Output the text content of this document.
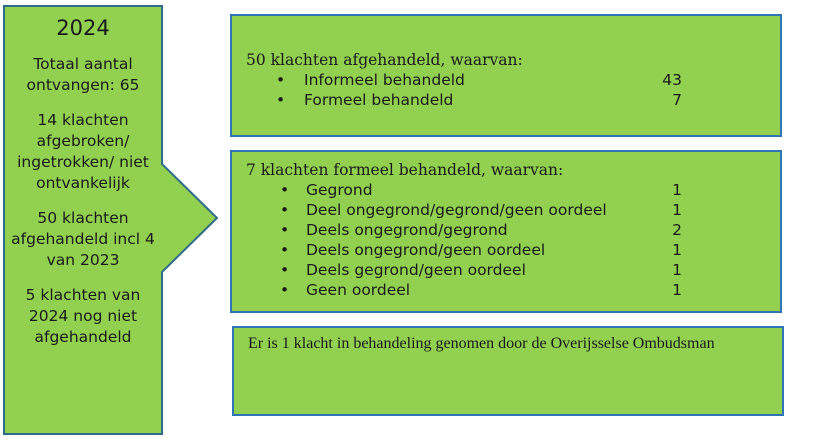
2024
Totaal aantal ontvangen: 65
14 klachten afgebroken/ ingetrokken/ niet ontvankelijk
50 klachten afgehandeld incl 4 van 2023
5 klachten van 2024 nog niet afgehandeld
50 klachten afgehandeld, waarvan:
• Informeel behandeld	43
• Formeel behandeld	7
7 klachten formeel behandeld, waarvan:
• Gegrond	1
• Deel ongegrond/gegrond/geen oordeel	1
• Deels ongegrond/gegrond	2
• Deels ongegrond/geen oordeel	1
• Deels gegrond/geen oordeel	1
• Geen oordeel	1
Er is 1 klacht in behandeling genomen door de Overijsselse Ombudsman
